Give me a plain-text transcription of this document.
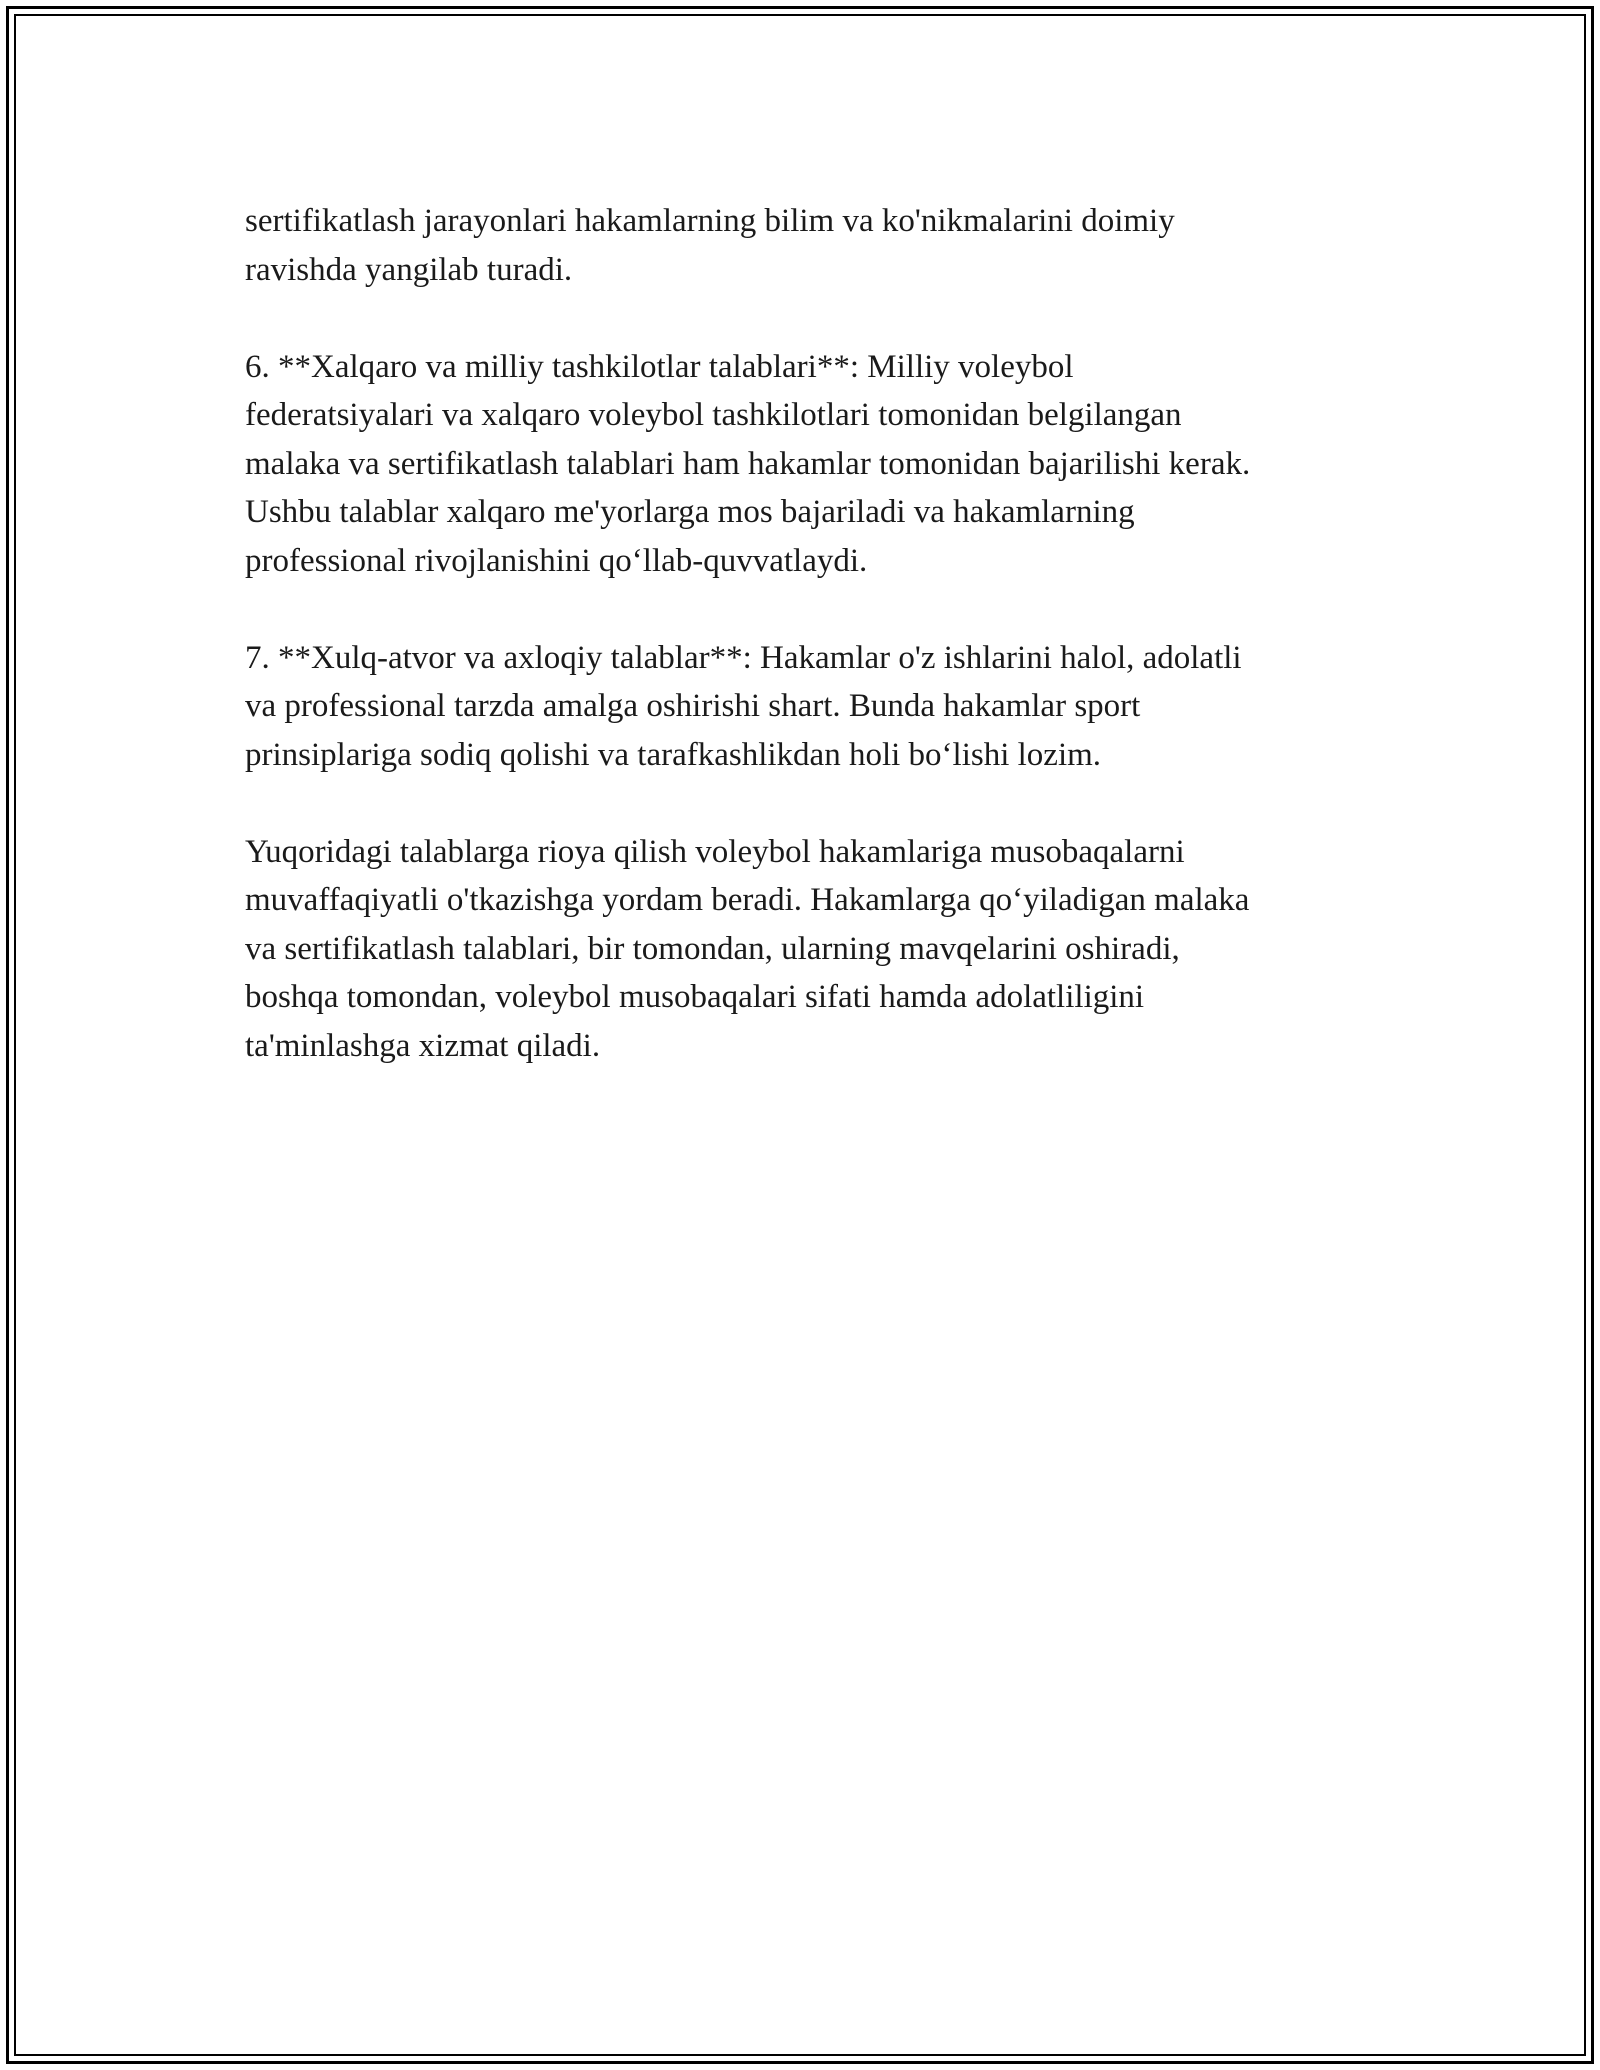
sertifikatlash jarayonlari hakamlarning bilim va ko'nikmalarini doimiy
ravishda yangilab turadi.

6. **Xalqaro va milliy tashkilotlar talablari**: Milliy voleybol
federatsiyalari va xalqaro voleybol tashkilotlari tomonidan belgilangan
malaka va sertifikatlash talablari ham hakamlar tomonidan bajarilishi kerak.
Ushbu talablar xalqaro me'yorlarga mos bajariladi va hakamlarning
professional rivojlanishini qo‘llab-quvvatlaydi.

7. **Xulq-atvor va axloqiy talablar**: Hakamlar o'z ishlarini halol, adolatli
va professional tarzda amalga oshirishi shart. Bunda hakamlar sport
prinsiplariga sodiq qolishi va tarafkashlikdan holi bo‘lishi lozim.

Yuqoridagi talablarga rioya qilish voleybol hakamlariga musobaqalarni
muvaffaqiyatli o'tkazishga yordam beradi. Hakamlarga qo‘yiladigan malaka
va sertifikatlash talablari, bir tomondan, ularning mavqelarini oshiradi,
boshqa tomondan, voleybol musobaqalari sifati hamda adolatliligini
ta'minlashga xizmat qiladi.
